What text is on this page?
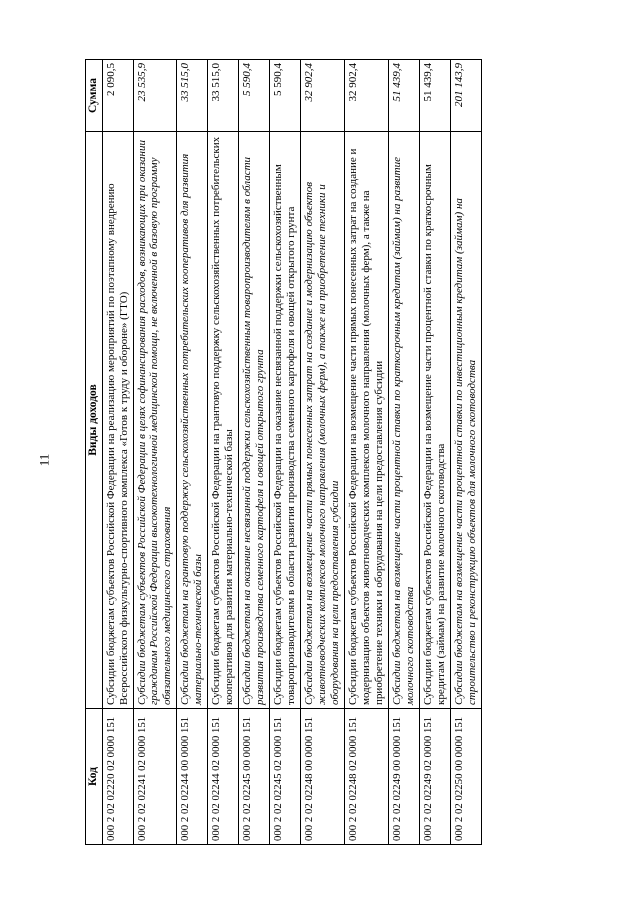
11
Код	Виды доходов	Сумма
000 2 02 02220 02 0000 151	Субсидии бюджетам субъектов Российской Федерации на реализацию мероприятий по поэтапному внедрению Всероссийского физкультурно-спортивного комплекса «Готов к труду и обороне» (ГТО)	2 090,5
000 2 02 02241 02 0000 151	Субсидии бюджетам субъектов Российской Федерации в целях софинансирования расходов, возникающих при оказании гражданам Российской Федерации высокотехнологичной медицинской помощи, не включенной в базовую программу обязательного медицинского страхования	23 535,9
000 2 02 02244 00 0000 151	Субсидии бюджетам на грантовую поддержку сельскохозяйственных потребительских кооперативов для развития материально-технической базы	33 515,0
000 2 02 02244 02 0000 151	Субсидии бюджетам субъектов Российской Федерации на грантовую поддержку сельскохозяйственных потребительских кооперативов для развития материально-технической базы	33 515,0
000 2 02 02245 00 0000 151	Субсидии бюджетам на оказание несвязанной поддержки сельскохозяйственным товаропроизводителям в области развития производства семенного картофеля и овощей открытого грунта	5 590,4
000 2 02 02245 02 0000 151	Субсидии бюджетам субъектов Российской Федерации на оказание несвязанной поддержки сельскохозяйственным товаропроизводителям в области развития производства семенного картофеля и овощей открытого грунта	5 590,4
000 2 02 02248 00 0000 151	Субсидии бюджетам на возмещение части прямых понесенных затрат на создание и модернизацию объектов животноводческих комплексов молочного направления (молочных ферм), а также на приобретение техники и оборудования на цели предоставления субсидии	32 902,4
000 2 02 02248 02 0000 151	Субсидии бюджетам субъектов Российской Федерации на возмещение части прямых понесенных затрат на создание и модернизацию объектов животноводческих комплексов молочного направления (молочных ферм), а также на приобретение техники и оборудования на цели предоставления субсидии	32 902,4
000 2 02 02249 00 0000 151	Субсидии бюджетам на возмещение части процентной ставки по краткосрочным кредитам (займам) на развитие молочного скотоводства	51 439,4
000 2 02 02249 02 0000 151	Субсидии бюджетам субъектов Российской Федерации на возмещение части процентной ставки по краткосрочным кредитам (займам) на развитие молочного скотоводства	51 439,4
000 2 02 02250 00 0000 151	Субсидии бюджетам на возмещение части процентной ставки по инвестиционным кредитам (займам) на строительство и реконструкцию объектов для молочного скотоводства	201 143,9
